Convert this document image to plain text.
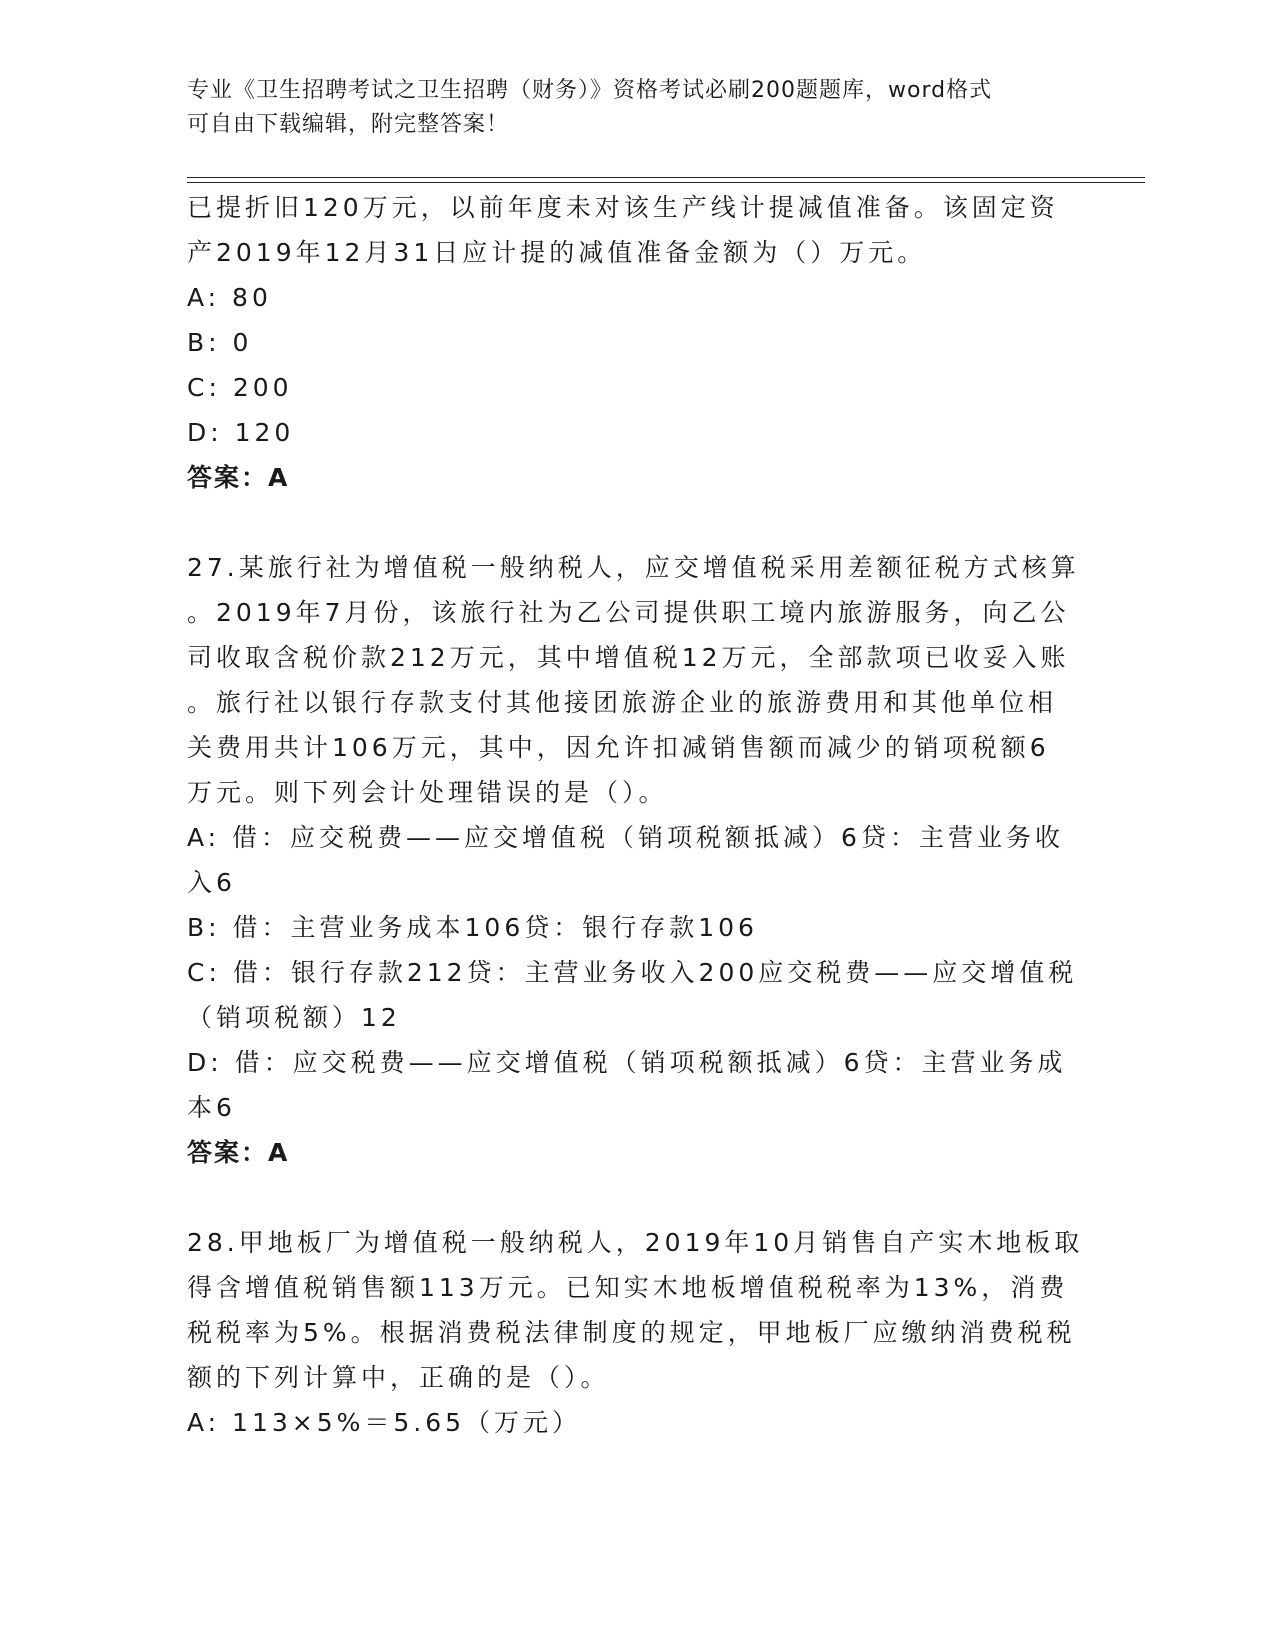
专业《卫生招聘考试之卫生招聘（财务）》资格考试必刷200题题库，word格式
可自由下载编辑，附完整答案！
已提折旧120万元，以前年度未对该生产线计提减值准备。该固定资
产2019年12月31日应计提的减值准备金额为（）万元。
A: 80
B: 0
C: 200
D: 120
答案：A
27.某旅行社为增值税一般纳税人，应交增值税采用差额征税方式核算
。2019年7月份，该旅行社为乙公司提供职工境内旅游服务，向乙公
司收取含税价款212万元，其中增值税12万元，全部款项已收妥入账
。旅行社以银行存款支付其他接团旅游企业的旅游费用和其他单位相
关费用共计106万元，其中，因允许扣减销售额而减少的销项税额6
万元。则下列会计处理错误的是（）。
A: 借：应交税费——应交增值税（销项税额抵减）6贷：主营业务收
入6
B: 借：主营业务成本106贷：银行存款106
C: 借：银行存款212贷：主营业务收入200应交税费——应交增值税
（销项税额）12
D: 借：应交税费——应交增值税（销项税额抵减）6贷：主营业务成
本6
答案：A
28.甲地板厂为增值税一般纳税人，2019年10月销售自产实木地板取
得含增值税销售额113万元。已知实木地板增值税税率为13%，消费
税税率为5%。根据消费税法律制度的规定，甲地板厂应缴纳消费税税
额的下列计算中，正确的是（）。
A: 113×5%＝5.65（万元）
